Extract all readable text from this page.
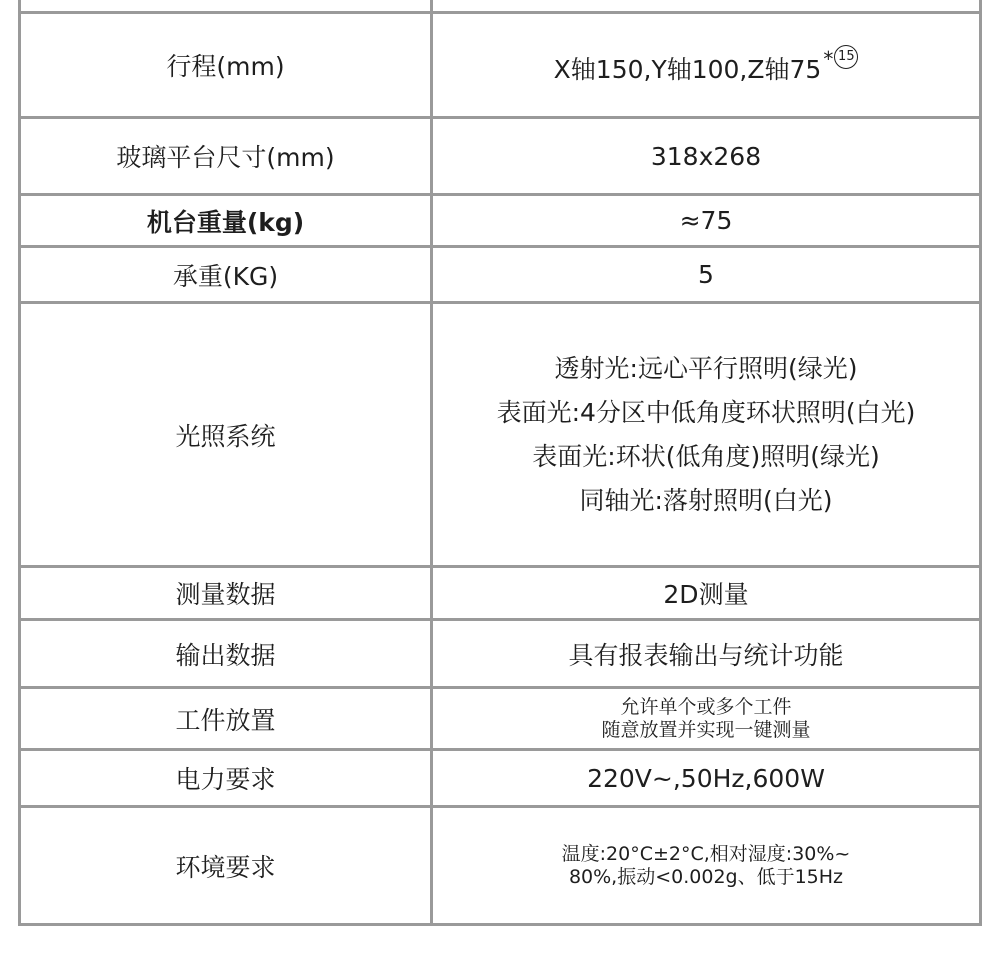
行程(mm)	X轴150,Y轴100,Z轴75 * $^{15}$
玻璃平台尺寸(mm)	318x268
机台重量(kg)	≈75
承重(KG)	5
光照系统	透射光:远心平行照明(绿光)
表面光:4分区中低角度环状照明(白光)
表面光:环状(低角度)照明(绿光)
同轴光:落射照明(白光)

测量数据	2D测量
输出数据	具有报表输出与统计功能
工件放置	允许单个或多个工件
随意放置并实现一键测量

电力要求	220V~,50Hz,600W
环境要求	温度:20°C±2°C,相对湿度:30%~
80%,振动<0.002g、低于15Hz
